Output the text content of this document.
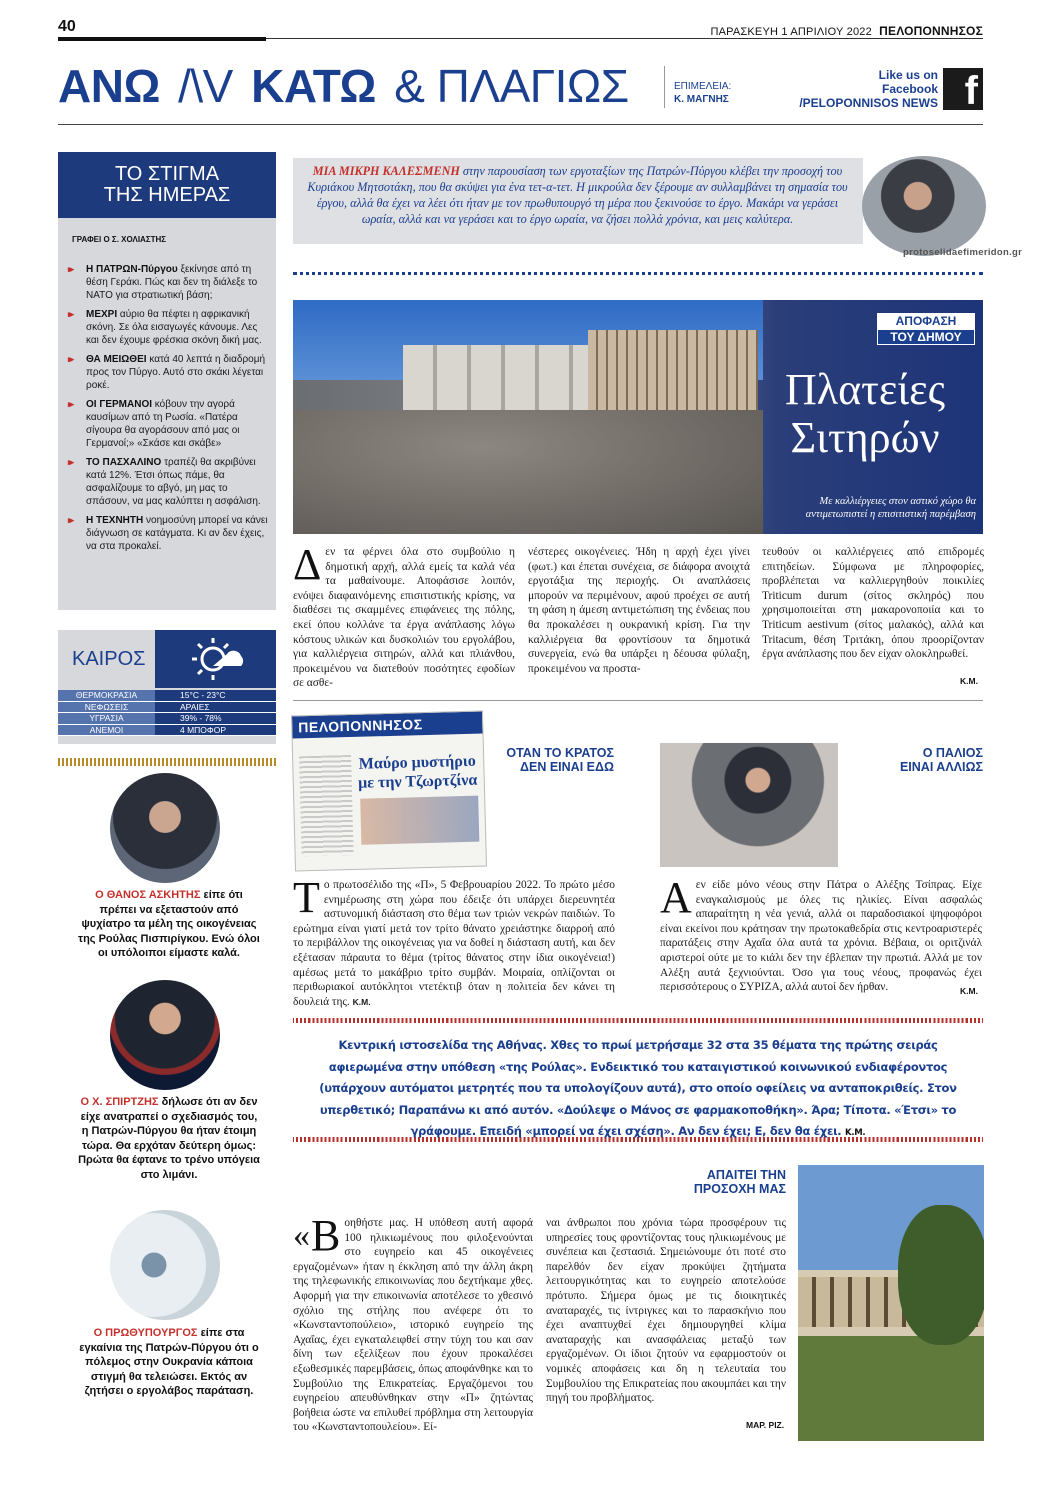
40	ΠΑΡΑΣΚΕΥΗ 1 ΑΠΡΙΛΙΟΥ 2022 ΠΕΛΟΠΟΝΝΗΣΟΣ
ΑΝΩ /\V ΚΑΤΩ & ΠΛΑΓΙΩΣ	ΕΠΙΜΕΛΕΙΑ:
Κ. ΜΑΓΝΗΣ
Like us on
Facebook
/PELOPONNISOS NEWS f
ΤΟ ΣΤΙΓΜΑ
ΤΗΣ ΗΜΕΡΑΣ
ΓΡΑΦΕΙ Ο Σ. ΧΟΛΙΑΣΤΗΣ
▸▸ Η ΠΑΤΡΩΝ-Πύργου ξεκίνησε από τη θέση Γεράκι. Πώς και δεν τη διάλεξε το ΝΑΤΟ για στρατιωτική βάση;
▸▸ ΜΕΧΡΙ αύριο θα πέφτει η αφρικανική σκόνη. Σε όλα εισαγωγές κάνουμε. Λες και δεν έχουμε φρέσκια σκόνη δική μας.
▸▸ ΘΑ ΜΕΙΩΘΕΙ κατά 40 λεπτά η διαδρομή προς τον Πύργο. Αυτό στο σκάκι λέγεται ροκέ.
▸▸ ΟΙ ΓΕΡΜΑΝΟΙ κόβουν την αγορά καυσίμων από τη Ρωσία. «Πατέρα σίγουρα θα αγοράσουν από μας οι Γερμανοί;» «Σκάσε και σκάβε»
▸▸ ΤΟ ΠΑΣΧΑΛΙΝΟ τραπέζι θα ακριβύνει κατά 12%. Έτσι όπως πάμε, θα ασφαλίζουμε το αβγό, μη μας το σπάσουν, να μας καλύπτει η ασφάλιση.
▸▸ Η ΤΕΧΝΗΤΗ νοημοσύνη μπορεί να κάνει διάγνωση σε κατάγματα. Κι αν δεν έχεις, να στα προκαλεί.
ΚΑΙΡΟΣ
ΘΕΡΜΟΚΡΑΣΙΑ	15°C - 23°C
ΝΕΦΩΣΕΙΣ	ΑΡΑΙΕΣ
ΥΓΡΑΣΙΑ	39% - 78%
ΑΝΕΜΟΙ	4 ΜΠΟΦΟΡ
Ο ΘΑΝΟΣ ΑΣΚΗΤΗΣ είπε ότι πρέπει να εξεταστούν από ψυχίατρο τα μέλη της οικογένειας της Ρούλας Πισπιρίγκου. Ενώ όλοι οι υπόλοιποι είμαστε καλά.
Ο Χ. ΣΠΙΡΤΖΗΣ δήλωσε ότι αν δεν είχε ανατραπεί ο σχεδιασμός του, η Πατρών-Πύργου θα ήταν έτοιμη τώρα. Θα ερχόταν δεύτερη όμως: Πρώτα θα έφτανε το τρένο υπόγεια στο λιμάνι.
Ο ΠΡΩΘΥΠΟΥΡΓΟΣ είπε στα εγκαίνια της Πατρών-Πύργου ότι ο πόλεμος στην Ουκρανία κάποια στιγμή θα τελειώσει. Εκτός αν ζητήσει ο εργολάβος παράταση.
ΜΙΑ ΜΙΚΡΗ ΚΑΛΕΣΜΕΝΗ στην παρουσίαση των εργοταξίων της Πατρών-Πύργου κλέβει την προσοχή του Κυριάκου Μητσοτάκη, που θα σκύψει για ένα τετ-α-τετ. Η μικρούλα δεν ξέρουμε αν συλλαμβάνει τη σημασία του έργου, αλλά θα έχει να λέει ότι ήταν με τον πρωθυπουργό τη μέρα που ξεκινούσε το έργο. Μακάρι να γεράσει ωραία, αλλά και να γεράσει και το έργο ωραία, να ζήσει πολλά χρόνια, και μεις καλύτερα.
protoselidaefimeridon.gr
ΑΠΟΦΑΣΗ
ΤΟΥ ΔΗΜΟΥ
Πλατείες
Σιτηρών
Με καλλιέργειες στον αστικό χώρο θα
αντιμετωπιστεί η επισιτιστική παρέμβαση
Δεν τα φέρνει όλα στο συμβούλιο η δημοτική αρχή, αλλά εμείς τα καλά νέα τα μαθαίνουμε. Αποφάσισε λοιπόν, ενόψει διαφαινόμενης επισιτιστικής κρίσης, να διαθέσει τις σκαμμένες επιφάνειες της πόλης, εκεί όπου κολλάνε τα έργα ανάπλασης λόγω κόστους υλικών και δυσκολιών του εργολάβου, για καλλιέργεια σιτηρών, αλλά και πλιάνθου, προκειμένου να διατεθούν ποσότητες εφοδίων σε ασθε-
νέστερες οικογένειες. Ήδη η αρχή έχει γίνει (φωτ.) και έπεται συνέχεια, σε διάφορα ανοιχτά εργοτάξια της περιοχής. Οι αναπλάσεις μπορούν να περιμένουν, αφού προέχει σε αυτή τη φάση η άμεση αντιμετώπιση της ένδειας που θα προκαλέσει η ουκρανική κρίση. Για την καλλιέργεια θα φροντίσουν τα δημοτικά συνεργεία, ενώ θα υπάρξει η δέουσα φύλαξη, προκειμένου να προστα-
τευθούν οι καλλιέργειες από επιδρομές επιτηδείων. Σύμφωνα με πληροφορίες, προβλέπεται να καλλιεργηθούν ποικιλίες Triticum durum (σίτος σκληρός) που χρησιμοποιείται στη μακαρονοποιία και το Triticum aestivum (σίτος μαλακός), αλλά και Tritacum, θέση Τριτάκη, όπου προορίζονταν έργα ανάπλασης που δεν είχαν ολοκληρωθεί.
Κ.Μ.
ΠΕΛΟΠΟΝΝΗΣΟΣ
Μαύρο μυστήριο
με την Τζωρτζίνα
ΟΤΑΝ ΤΟ ΚΡΑΤΟΣ
ΔΕΝ ΕΙΝΑΙ ΕΔΩ
Το πρωτοσέλιδο της «Π», 5 Φεβρουαρίου 2022. Το πρώτο μέσο ενημέρωσης στη χώρα που έδειξε ότι υπάρχει διερευνητέα αστυνομική διάσταση στο θέμα των τριών νεκρών παιδιών. Το ερώτημα είναι γιατί μετά τον τρίτο θάνατο χρειάστηκε διαρροή από το περιβάλλον της οικογένειας για να δοθεί η διάσταση αυτή, και δεν εξέτασαν πάραυτα το θέμα (τρίτος θάνατος στην ίδια οικογένεια!) αμέσως μετά το μακάβριο τρίτο συμβάν. Μοιραία, οπλίζονται οι περιθωριακοί αυτόκλητοι ντετέκτιβ όταν η πολιτεία δεν κάνει τη δουλειά της. Κ.Μ.
Ο ΠΑΛΙΟΣ
ΕΙΝΑΙ ΑΛΛΙΩΣ
Αεν είδε μόνο νέους στην Πάτρα ο Αλέξης Τσίπρας. Είχε εναγκαλισμούς με όλες τις ηλικίες. Είναι ασφαλώς απαραίτητη η νέα γενιά, αλλά οι παραδοσιακοί ψηφοφόροι είναι εκείνοι που κράτησαν την πρωτοκαθεδρία στις κεντροαριστερές παρατάξεις στην Αχαΐα όλα αυτά τα χρόνια. Βέβαια, οι οριτζινάλ αριστεροί ούτε με το κιάλι δεν την έβλεπαν την πρωτιά. Αλλά με τον Αλέξη αυτά ξεχνιούνται. Όσο για τους νέους, προφανώς έχει περισσότερους ο ΣΥΡΙΖΑ, αλλά αυτοί δεν ήρθαν.	Κ.Μ.
Κεντρική ιστοσελίδα της Αθήνας. Χθες το πρωί μετρήσαμε 32 στα 35 θέματα της πρώτης σειράς αφιερωμένα στην υπόθεση «της Ρούλας». Ενδεικτικό του καταιγιστικού κοινωνικού ενδιαφέροντος (υπάρχουν αυτόματοι μετρητές που τα υπολογίζουν αυτά), στο οποίο οφείλεις να ανταποκριθείς. Στον υπερθετικό; Παραπάνω κι από αυτόν. «Δούλεψε ο Μάνος σε φαρμακοποθήκη». Άρα; Τίποτα. «Έτσι» το γράφουμε. Επειδή «μπορεί να έχει σχέση». Αν δεν έχει; Ε, δεν θα έχει. Κ.Μ.
ΑΠΑΙΤΕΙ ΤΗΝ
ΠΡΟΣΟΧΗ ΜΑΣ
« Β οηθήστε μας. Η υπόθεση αυτή αφορά 100 ηλικιωμένους που φιλοξενούνται στο ευγηρείο και 45 οικογένειες εργαζομένων» ήταν η έκκληση από την άλλη άκρη της τηλεφωνικής επικοινωνίας που δεχτήκαμε χθες. Αφορμή για την επικοινωνία αποτέλεσε το χθεσινό σχόλιο της στήλης που ανέφερε ότι το «Κωνσταντοπούλειο», ιστορικό ευγηρείο της Αχαΐας, έχει εγκαταλειφθεί στην τύχη του και σαν δίνη των εξελίξεων που έχουν προκαλέσει εξωθεσμικές παρεμβάσεις, όπως αποφάνθηκε και το Συμβούλιο της Επικρατείας. Εργαζόμενοι του ευγηρείου απευθύνθηκαν στην «Π» ζητώντας βοήθεια ώστε να επιλυθεί πρόβλημα στη λειτουργία του «Κωνσταντοπουλείου». Εί-
ναι άνθρωποι που χρόνια τώρα προσφέρουν τις υπηρεσίες τους φροντίζοντας τους ηλικιωμένους με συνέπεια και ζεστασιά. Σημειώνουμε ότι ποτέ στο παρελθόν δεν είχαν προκύψει ζητήματα λειτουργικότητας και το ευγηρείο αποτελούσε πρότυπο. Σήμερα όμως με τις διοικητικές αναταραχές, τις ίντριγκες και το παρασκήνιο που έχει αναπτυχθεί έχει δημιουργηθεί κλίμα αναταραχής και ανασφάλειας μεταξύ των εργαζομένων. Οι ίδιοι ζητούν να εφαρμοστούν οι νομικές αποφάσεις και δη η τελευταία του Συμβουλίου της Επικρατείας που ακουμπάει και την πηγή του προβλήματος.
ΜΑΡ. ΡΙΖ.
